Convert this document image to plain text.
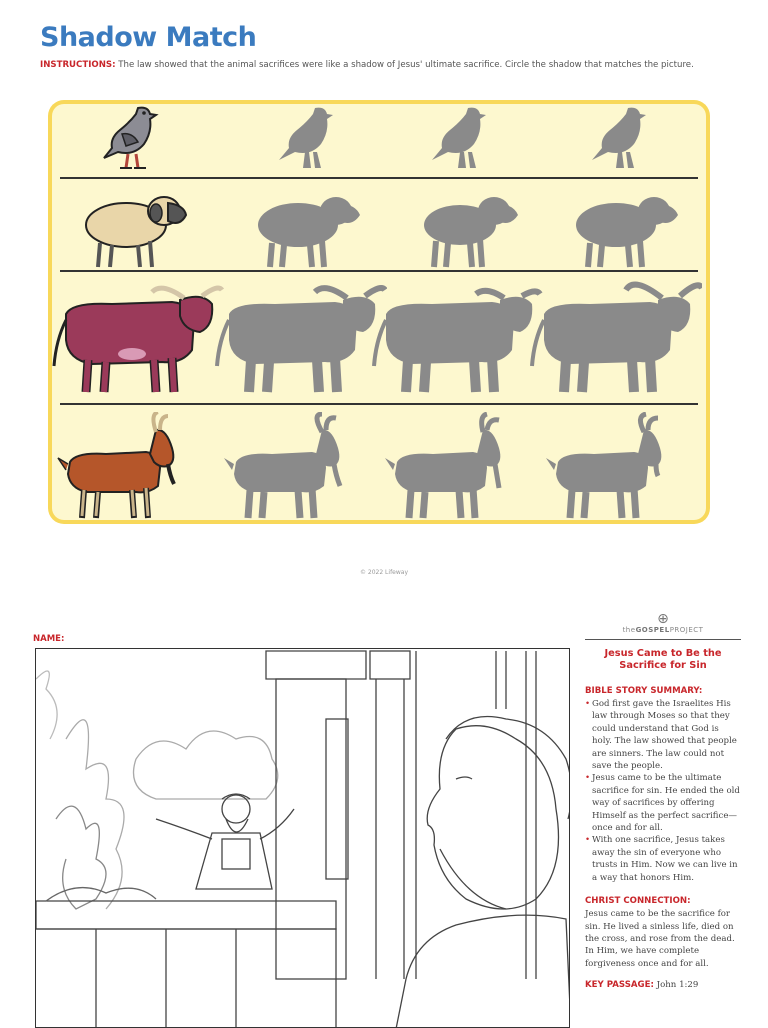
Shadow Match
INSTRUCTIONS: The law showed that the animal sacrifices were like a shadow of Jesus' ultimate sacrifice. Circle the shadow that matches the picture.
© 2022 Lifeway
NAME:
⊕
theGOSPELPROJECT
Jesus Came to Be the Sacrifice for Sin
BIBLE STORY SUMMARY:
• God first gave the Israelites His law through Moses so that they could understand that God is holy. The law showed that people are sinners. The law could not save the people.
• Jesus came to be the ultimate sacrifice for sin. He ended the old way of sacrifices by offering Himself as the perfect sacrifice—once and for all.
• With one sacrifice, Jesus takes away the sin of everyone who trusts in Him. Now we can live in a way that honors Him.
CHRIST CONNECTION:

Jesus came to be the sacrifice for sin. He lived a sinless life, died on the cross, and rose from the dead. In Him, we have complete forgiveness once and for all.

KEY PASSAGE: John 1:29
